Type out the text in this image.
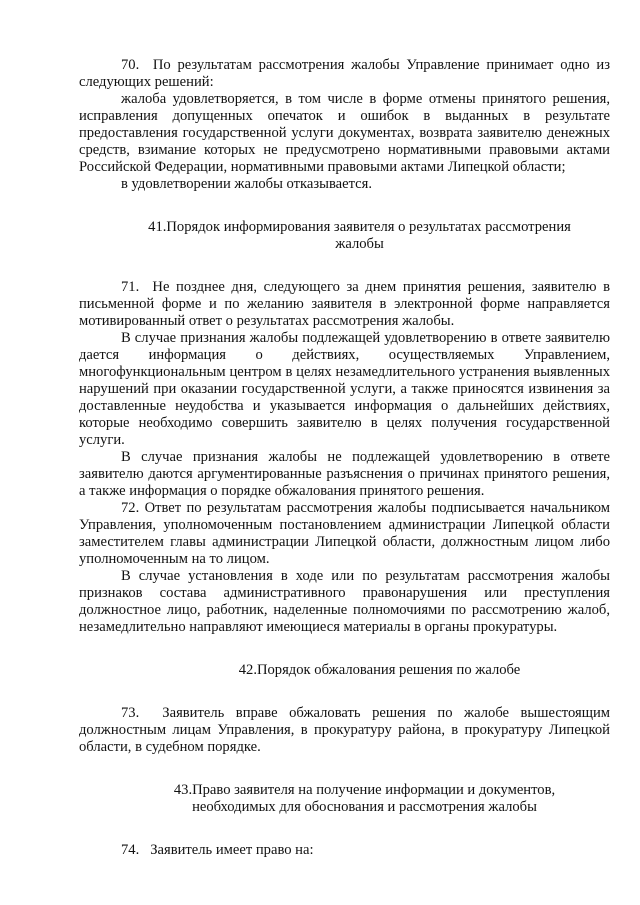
70.  По результатам рассмотрения жалобы Управление принимает одно из следующих решений:

жалоба удовлетворяется, в том числе в форме отмены принятого решения, исправления допущенных опечаток и ошибок в выданных в результате предоставления государственной услуги документах, возврата заявителю денежных средств, взимание которых не предусмотрено нормативными правовыми актами Российской Федерации, нормативными правовыми актами Липецкой области;

в удовлетворении жалобы отказывается.

41.Порядок информирования заявителя о результатах рассмотрения
жалобы

71.  Не позднее дня, следующего за днем принятия решения, заявителю в письменной форме и по желанию заявителя в электронной форме направляется мотивированный ответ о результатах рассмотрения жалобы.

В случае признания жалобы подлежащей удовлетворению в ответе заявителю дается информация о действиях, осуществляемых Управлением, многофункциональным центром в целях незамедлительного устранения выявленных нарушений при оказании государственной услуги, а также приносятся извинения за доставленные неудобства и указывается информация о дальнейших действиях, которые необходимо совершить заявителю в целях получения государственной услуги.

В случае признания жалобы не подлежащей удовлетворению в ответе заявителю даются аргументированные разъяснения о причинах принятого решения, а также информация о порядке обжалования принятого решения.

72. Ответ по результатам рассмотрения жалобы подписывается начальником Управления, уполномоченным постановлением администрации Липецкой области заместителем главы администрации Липецкой области, должностным лицом либо уполномоченным на то лицом.

В случае установления в ходе или по результатам рассмотрения жалобы признаков состава административного правонарушения или преступления должностное лицо, работник, наделенные полномочиями по рассмотрению жалоб, незамедлительно направляют имеющиеся материалы в органы прокуратуры.

42.Порядок обжалования решения по жалобе

73.  Заявитель вправе обжаловать решения по жалобе вышестоящим должностным лицам Управления, в прокуратуру района, в прокуратуру Липецкой области, в судебном порядке.

43.Право заявителя на получение информации и документов,
необходимых для обоснования и рассмотрения жалобы

74.   Заявитель имеет право на:
